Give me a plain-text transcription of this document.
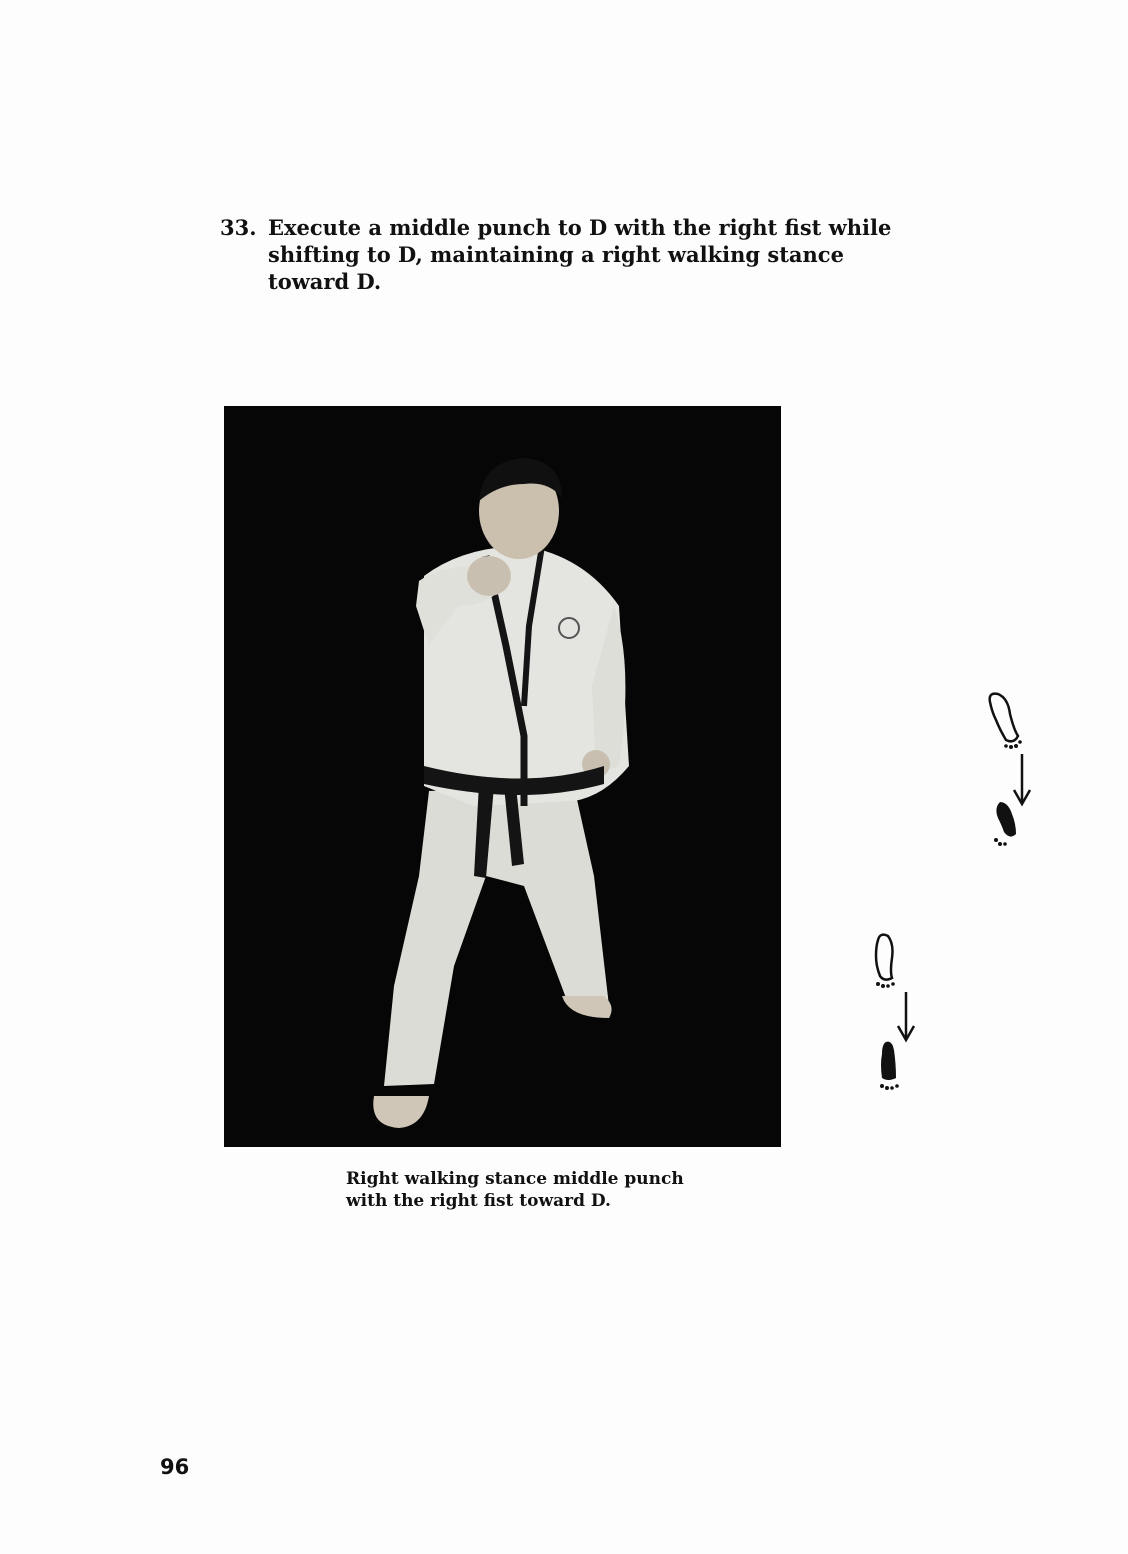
33. Execute a middle punch to D with the right fist while shifting to D, maintaining a right walking stance toward D.
Right walking stance middle punch
with the right fist toward D.
96
